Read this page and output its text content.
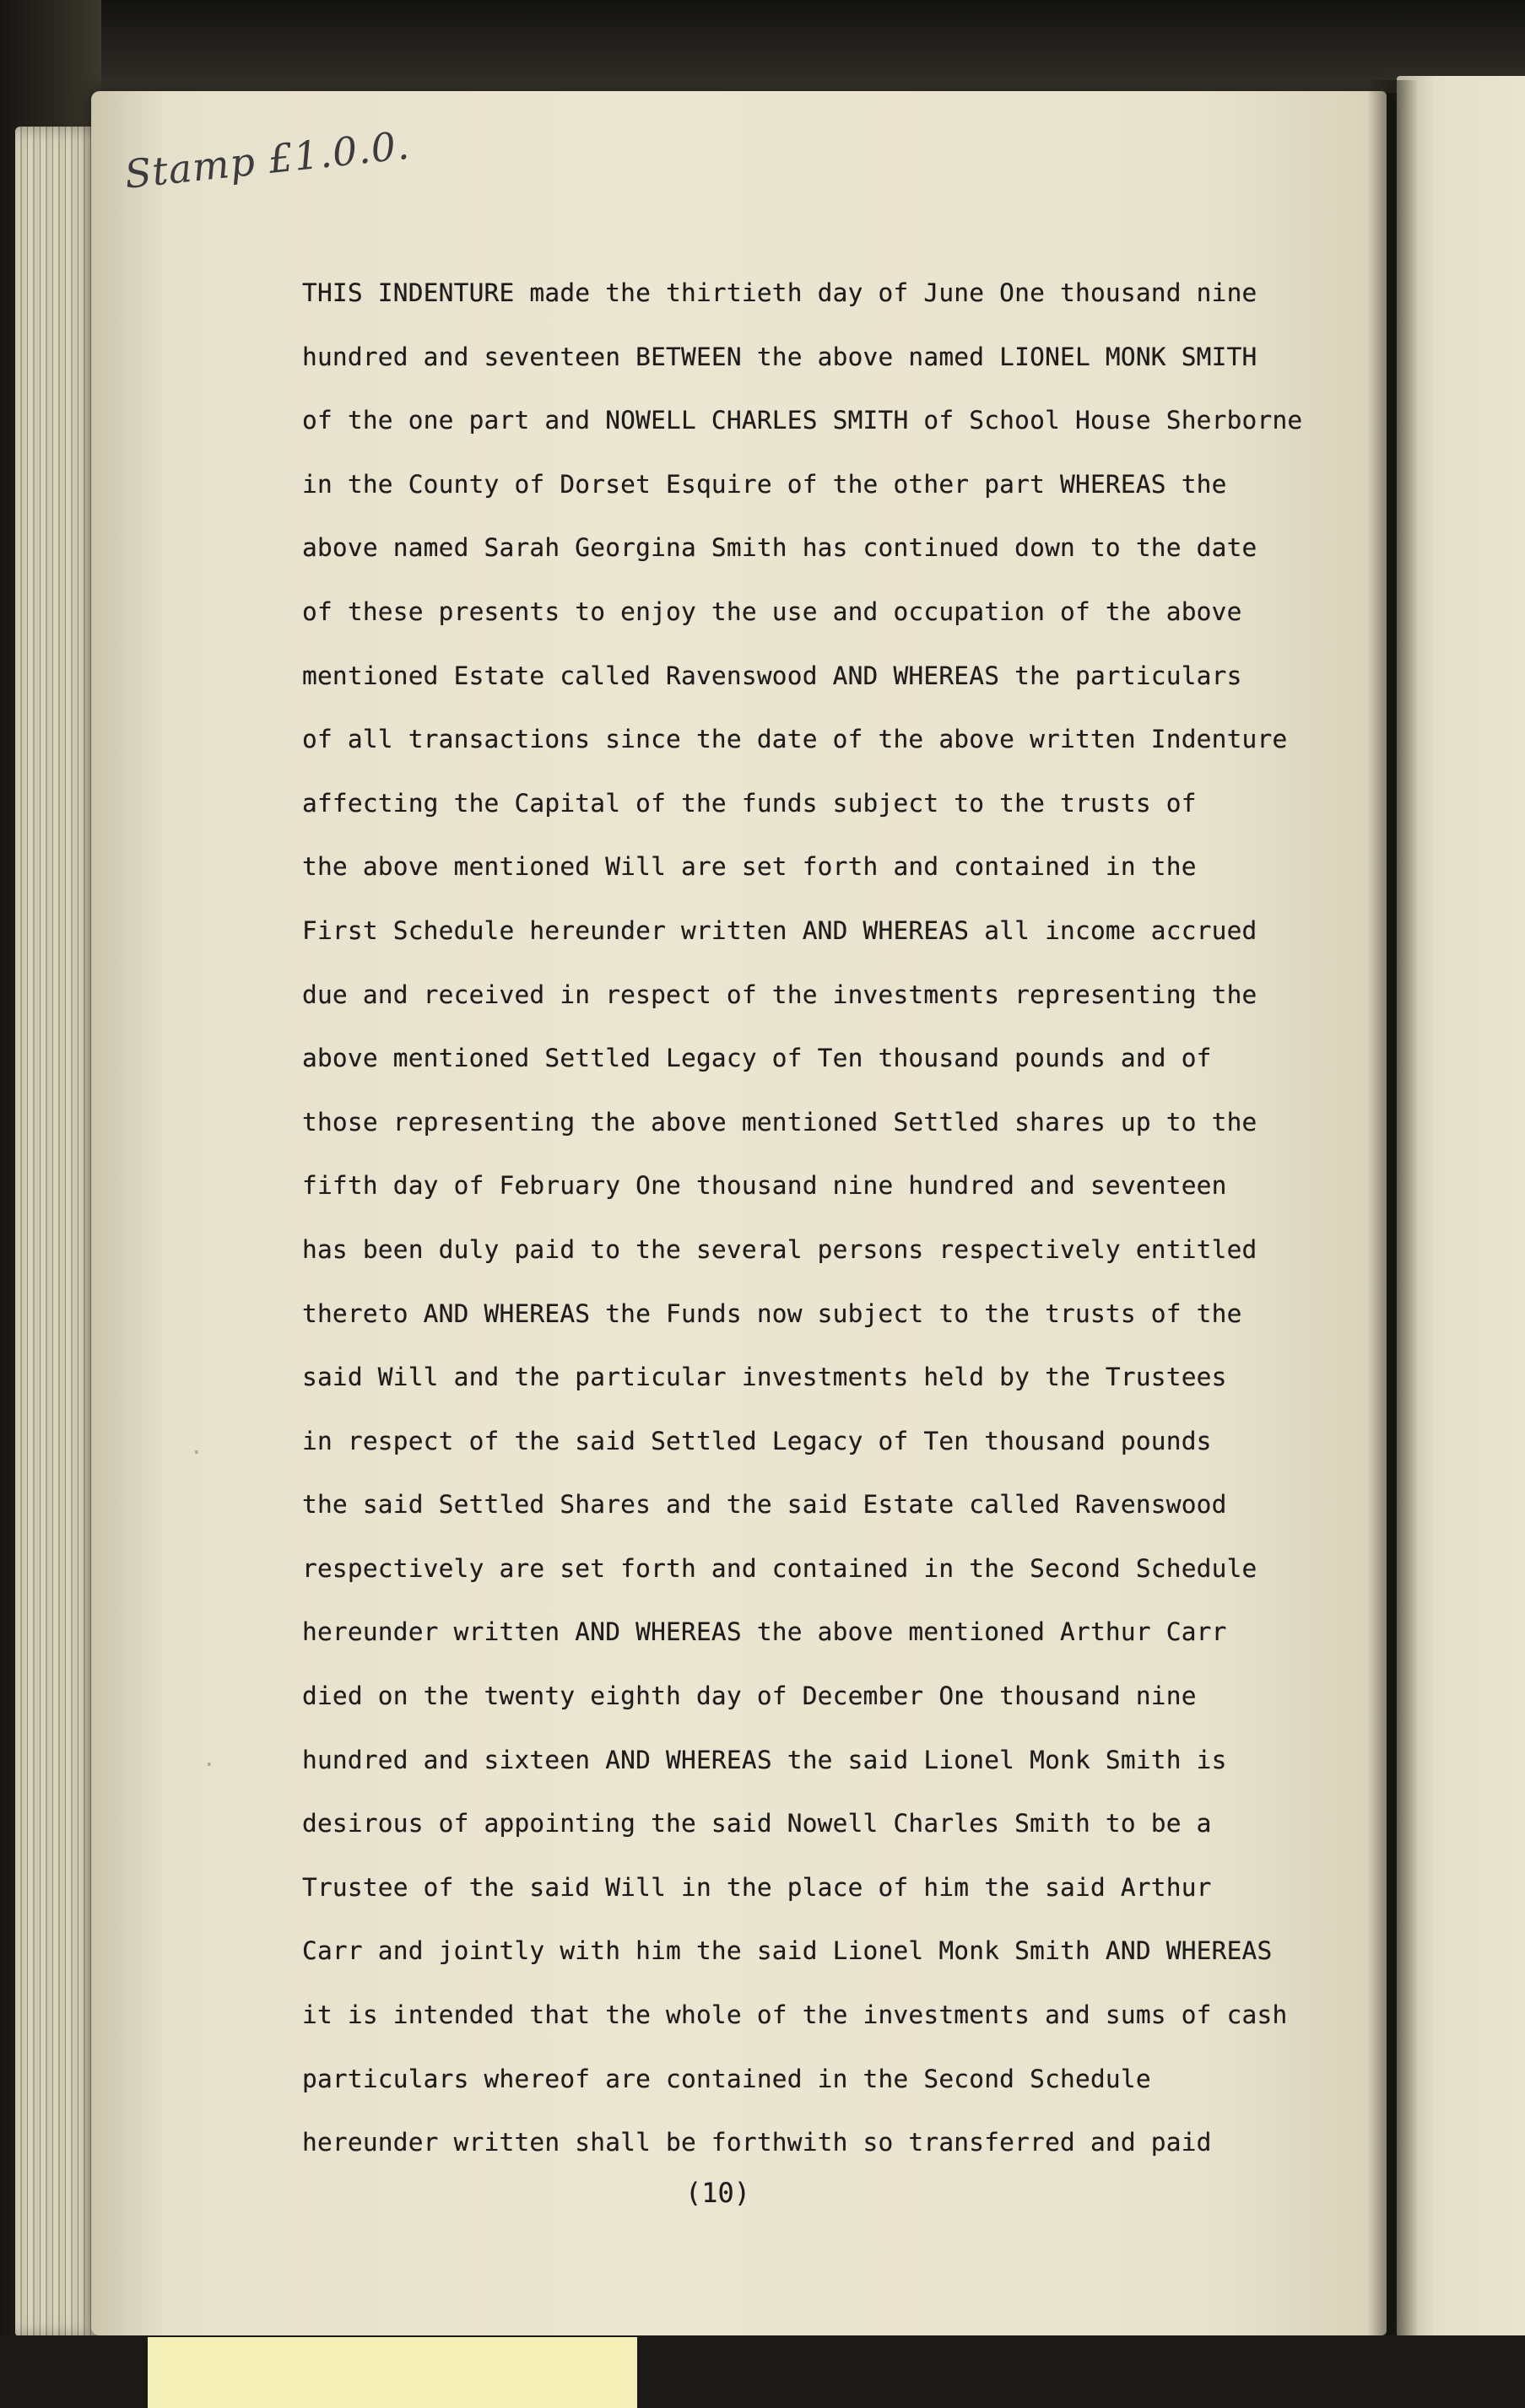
.
.
Stamp £1.0.0.
THIS INDENTURE made the thirtieth day of June One thousand nine
hundred and seventeen BETWEEN the above named LIONEL MONK SMITH
of the one part and NOWELL CHARLES SMITH of School House Sherborne
in the County of Dorset Esquire of the other part WHEREAS the
above named Sarah Georgina Smith has continued down to the date
of these presents to enjoy the use and occupation of the above
mentioned Estate called Ravenswood AND WHEREAS the particulars
of all transactions since the date of the above written Indenture
affecting the Capital of the funds subject to the trusts of
the above mentioned Will are set forth and contained in the
First Schedule hereunder written AND WHEREAS all income accrued
due and received in respect of the investments representing the
above mentioned Settled Legacy of Ten thousand pounds and of
those representing the above mentioned Settled shares up to the
fifth day of February One thousand nine hundred and seventeen
has been duly paid to the several persons respectively entitled
thereto AND WHEREAS the Funds now subject to the trusts of the
said Will and the particular investments held by the Trustees
in respect of the said Settled Legacy of Ten thousand pounds
the said Settled Shares and the said Estate called Ravenswood
respectively are set forth and contained in the Second Schedule
hereunder written AND WHEREAS the above mentioned Arthur Carr
died on the twenty eighth day of December One thousand nine
hundred and sixteen AND WHEREAS the said Lionel Monk Smith is
desirous of appointing the said Nowell Charles Smith to be a
Trustee of the said Will in the place of him the said Arthur
Carr and jointly with him the said Lionel Monk Smith AND WHEREAS
it is intended that the whole of the investments and sums of cash
particulars whereof are contained in the Second Schedule
hereunder written shall be forthwith so transferred and paid
(10)
